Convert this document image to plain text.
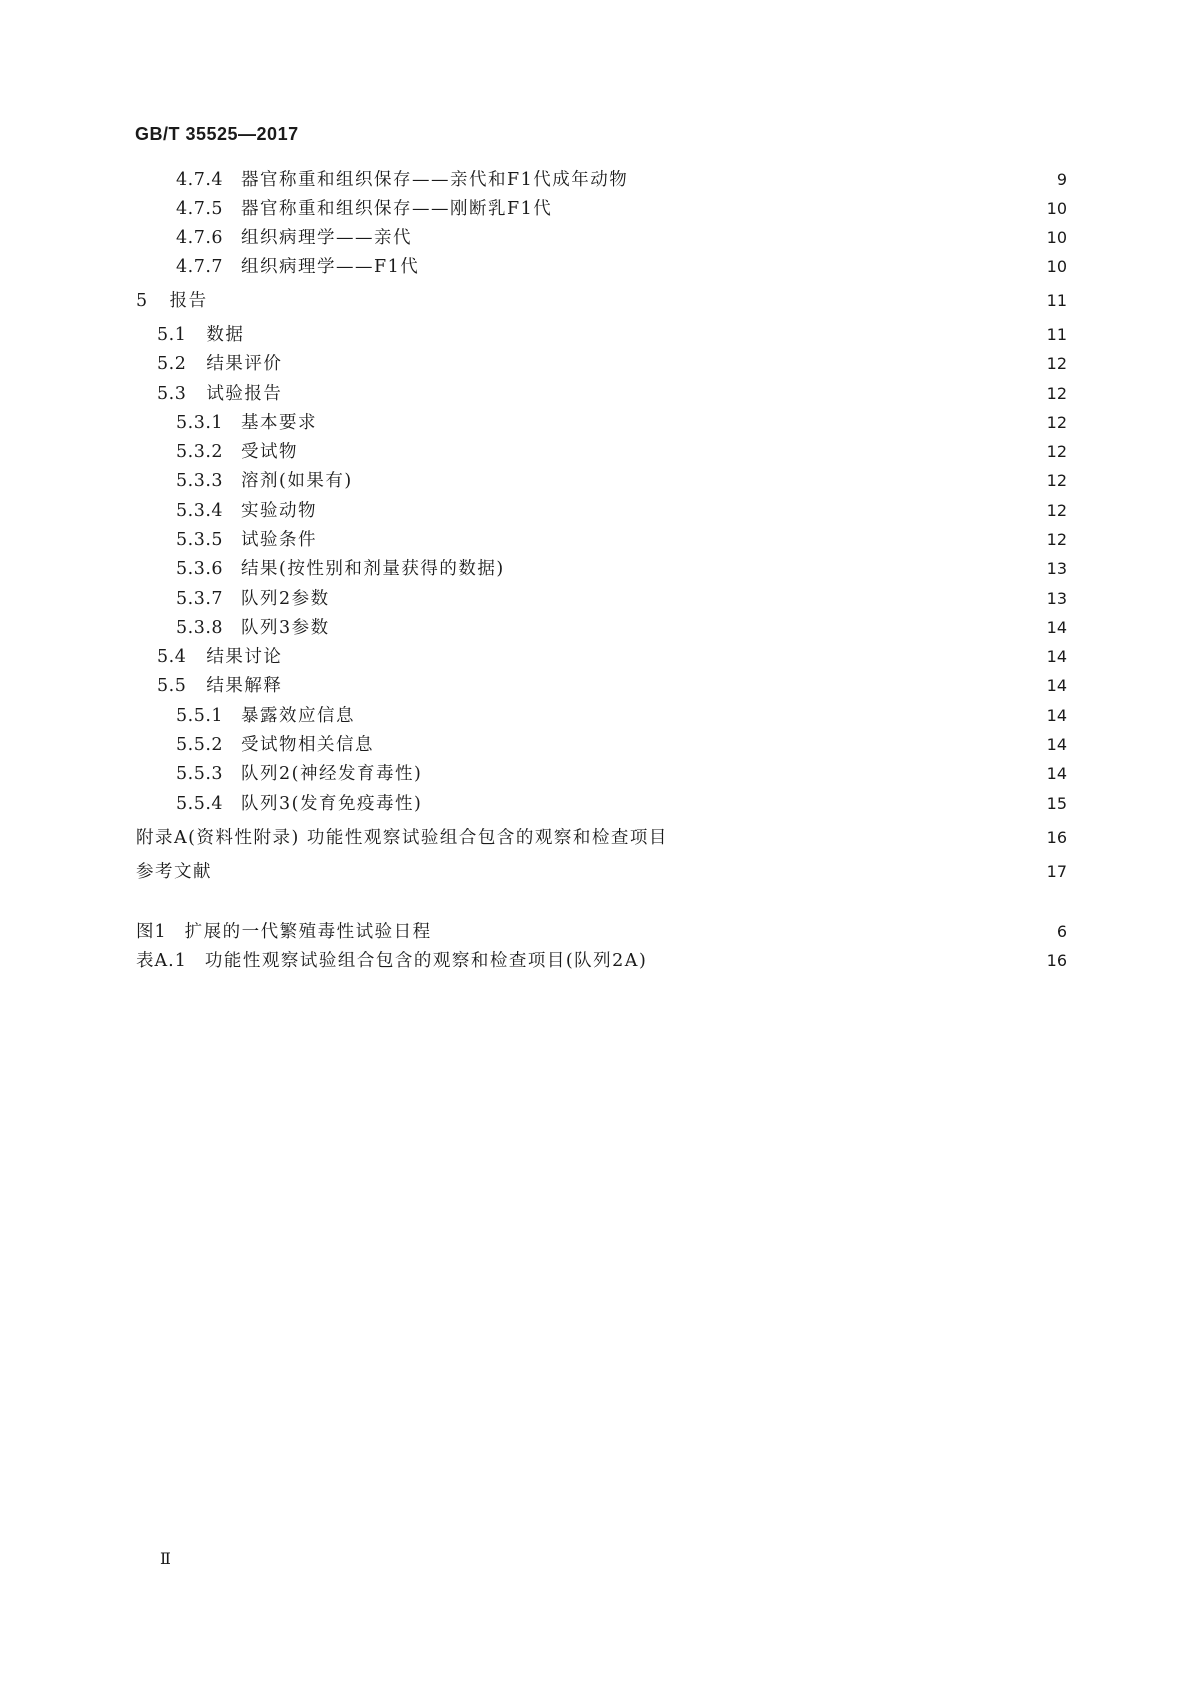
GB/T 35525—2017

4.7.4 器官称重和组织保存——亲代和F1代成年动物	9
4.7.5 器官称重和组织保存——刚断乳F1代	10
4.7.6 组织病理学——亲代	10
4.7.7 组织病理学——F1代	10
5 报告	11
5.1 数据	11
5.2 结果评价	12
5.3 试验报告	12
5.3.1 基本要求	12
5.3.2 受试物	12
5.3.3 溶剂(如果有)	12
5.3.4 实验动物	12
5.3.5 试验条件	12
5.3.6 结果(按性别和剂量获得的数据)	13
5.3.7 队列2参数	13
5.3.8 队列3参数	14
5.4 结果讨论	14
5.5 结果解释	14
5.5.1 暴露效应信息	14
5.5.2 受试物相关信息	14
5.5.3 队列2(神经发育毒性)	14
5.5.4 队列3(发育免疫毒性)	15
附录A(资料性附录) 功能性观察试验组合包含的观察和检查项目	16
参考文献	17
图1 扩展的一代繁殖毒性试验日程	6
表A.1 功能性观察试验组合包含的观察和检查项目(队列2A)	16

Ⅱ
